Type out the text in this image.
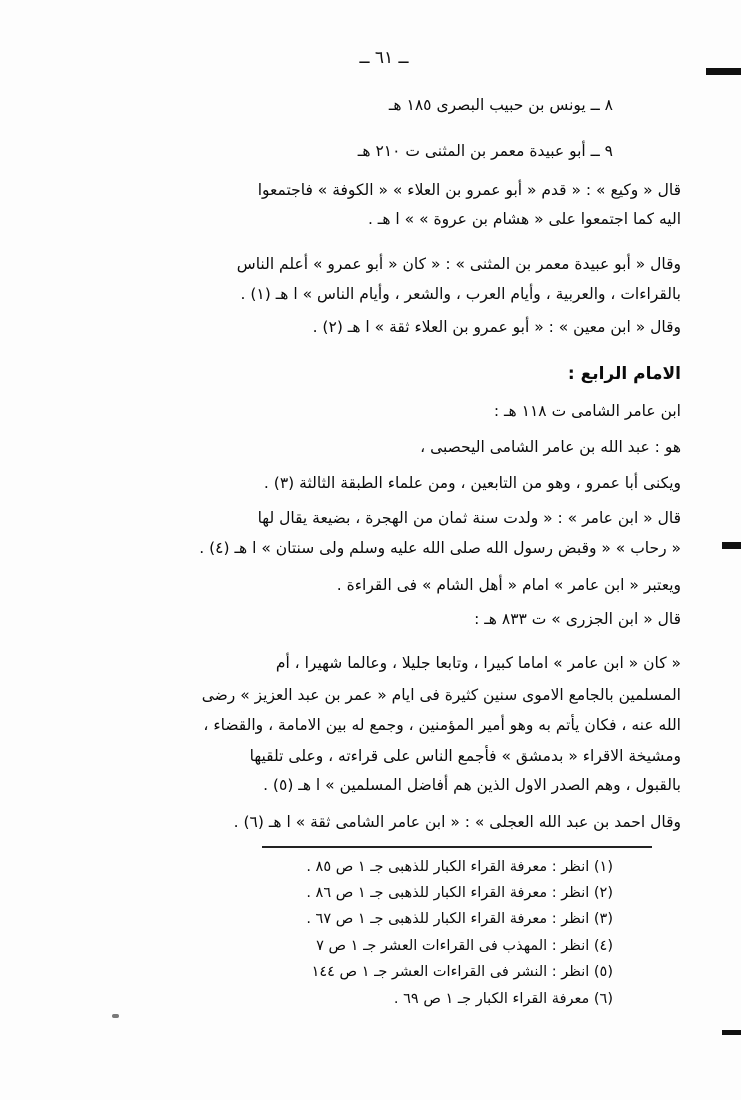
ــ ٦١ ــ
٨ ــ يونس بن حبيب البصرى ١٨٥ هـ
٩ ــ أبو عبيدة معمر بن المثنى ت ٢١٠ هـ
قال « وكيع » : « قدم « أبو عمرو بن العلاء » « الكوفة » فاجتمعوا
اليه كما اجتمعوا على « هشام بن عروة » » ا هـ .
وقال « أبو عبيدة معمر بن المثنى » : « كان « أبو عمرو » أعلم الناس
بالقراءات ، والعربية ، وأيام العرب ، والشعر ، وأيام الناس » ا هـ (١) .
وقال « ابن معين » : « أبو عمرو بن العلاء ثقة » ا هـ (٢) .
الامام الرابع :
ابن عامر الشامى ت ١١٨ هـ :
هو : عبد الله بن عامر الشامى اليحصبى ،
ويكنى أبا عمرو ، وهو من التابعين ، ومن علماء الطبقة الثالثة (٣) .
قال « ابن عامر » : « ولدت سنة ثمان من الهجرة ، بضيعة يقال لها
« رحاب » « وقبض رسول الله صلى الله عليه وسلم ولى سنتان » ا هـ (٤) .
ويعتبر « ابن عامر » امام « أهل الشام » فى القراءة .
قال « ابن الجزرى » ت ٨٣٣ هـ :
« كان « ابن عامر » اماما كبيرا ، وتابعا جليلا ، وعالما شهيرا ، أم
المسلمين بالجامع الاموى سنين كثيرة فى ايام « عمر بن عبد العزيز » رضى
الله عنه ، فكان يأتم به وهو أمير المؤمنين ، وجمع له بين الامامة ، والقضاء ،
ومشيخة الاقراء « بدمشق » فأجمع الناس على قراءته ، وعلى تلقيها
بالقبول ، وهم الصدر الاول الذين هم أفاضل المسلمين » ا هـ (٥) .
وقال احمد بن عبد الله العجلى » : « ابن عامر الشامى ثقة » ا هـ (٦) .
(١) انظر : معرفة القراء الكبار للذهبى جـ ١ ص ٨٥ .
(٢) انظر : معرفة القراء الكبار للذهبى جـ ١ ص ٨٦ .
(٣) انظر : معرفة القراء الكبار للذهبى جـ ١ ص ٦٧ .
(٤) انظر : المهذب فى القراءات العشر جـ ١ ص ٧
(٥) انظر : النشر فى القراءات العشر جـ ١ ص ١٤٤
(٦) معرفة القراء الكبار جـ ١ ص ٦٩ .
